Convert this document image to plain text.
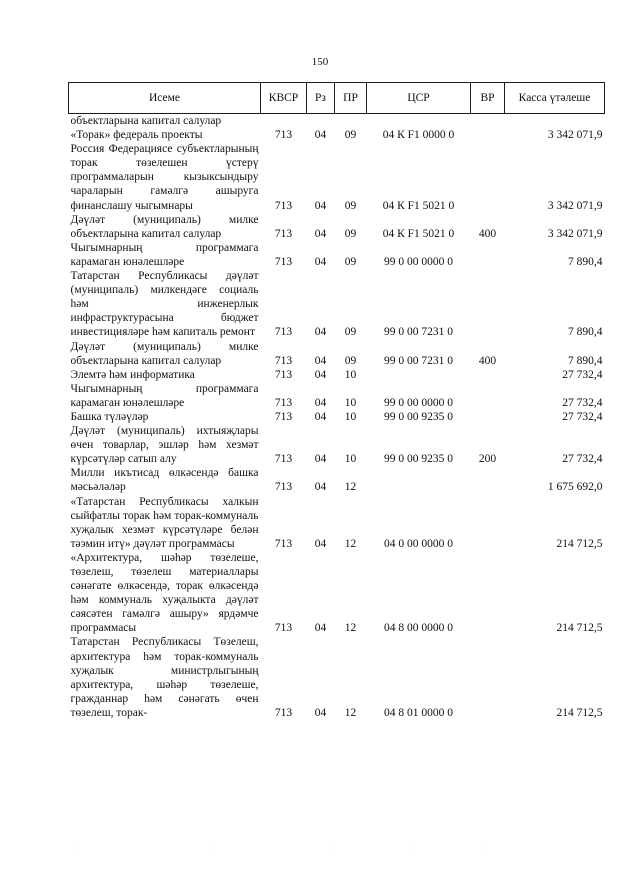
150
Исеме	КВСР	Рз	ПР	ЦСР	ВР	Касса үтәлеше
объектларына капитал салулар						
«Торак» федераль проекты	713	04	09	04 К F1 0000 0		3 342 071,9
Россия Федерациясе субъектларының торак төзелешен үстерү программаларын кызыксындыру чараларын гамәлгә ашыруга финанслашу чыгымнары	713	04	09	04 К F1 5021 0		3 342 071,9
Дәүләт (муниципаль) милке объектларына капитал салулар	713	04	09	04 К F1 5021 0	400	3 342 071,9
Чыгымнарның программага карамаган юнәлешләре	713	04	09	99 0 00 0000 0		7 890,4
Татарстан Республикасы дәүләт (муниципаль) милкендәге социаль һәм инженерлык инфраструктурасына бюджет инвестицияләре һәм капиталь ремонт	713	04	09	99 0 00 7231 0		7 890,4
Дәүләт (муниципаль) милке объектларына капитал салулар	713	04	09	99 0 00 7231 0	400	7 890,4
Элемтә һәм информатика	713	04	10			27 732,4
Чыгымнарның программага карамаган юнәлешләре	713	04	10	99 0 00 0000 0		27 732,4
Башка түләүләр	713	04	10	99 0 00 9235 0		27 732,4
Дәүләт (муниципаль) ихтыяҗлары өчен товарлар, эшләр һәм хезмәт күрсәтүләр сатып алу	713	04	10	99 0 00 9235 0	200	27 732,4
Милли икътисад өлкәсендә башка мәсьәләләр	713	04	12			1 675 692,0
«Татарстан Республикасы халкын сыйфатлы торак һәм торак-коммуналь хуҗалык хезмәт күрсәтүләре белән тәэмин итү» дәүләт программасы	713	04	12	04 0 00 0000 0		214 712,5
«Архитектура, шәһәр төзелеше, төзелеш, төзелеш материаллары сәнәгате өлкәсендә, торак өлкәсендә һәм коммуналь хуҗалыкта дәүләт сәясәтен гамәлгә ашыру» ярдәмче программасы	713	04	12	04 8 00 0000 0		214 712,5
Татарстан Республикасы Төзелеш, архитектура һәм торак-коммуналь хуҗалык министрлыгының архитектура, шәһәр төзелеше, гражданнар һәм сәнәгать өчен төзелеш, торак-	713	04	12	04 8 01 0000 0		214 712,5
